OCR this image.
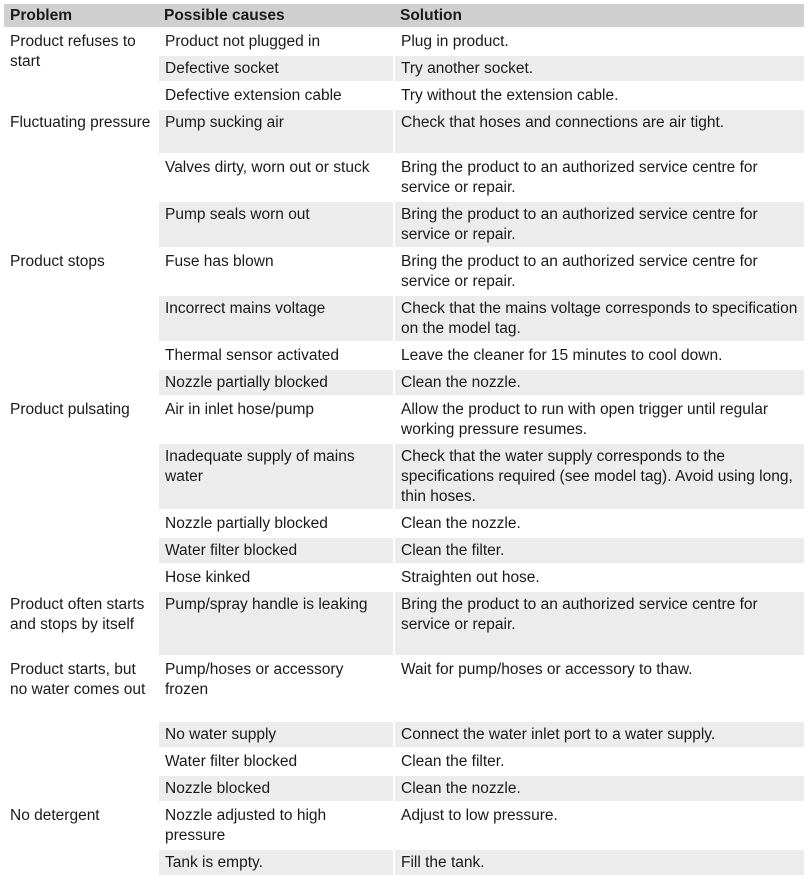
Problem	Possible causes	Solution
Product refuses to start	Product not plugged in	Plug in product.
	Defective socket	Try another socket.
	Defective extension cable	Try without the extension cable.
Fluctuating pressure	Pump sucking air	Check that hoses and connections are air tight.
	Valves dirty, worn out or stuck	Bring the product to an authorized service centre for service or repair.
	Pump seals worn out	Bring the product to an authorized service centre for service or repair.
Product stops	Fuse has blown	Bring the product to an authorized service centre for service or repair.
	Incorrect mains voltage	Check that the mains voltage corresponds to specification on the model tag.
	Thermal sensor activated	Leave the cleaner for 15 minutes to cool down.
	Nozzle partially blocked	Clean the nozzle.
Product pulsating	Air in inlet hose/pump	Allow the product to run with open trigger until regular working pressure resumes.
	Inadequate supply of mains water	Check that the water supply corresponds to the specifications required (see model tag). Avoid using long, thin hoses.
	Nozzle partially blocked	Clean the nozzle.
	Water filter blocked	Clean the filter.
	Hose kinked	Straighten out hose.
Product often starts and stops by itself	Pump/spray handle is leaking	Bring the product to an authorized service centre for service or repair.
Product starts, but no water comes out	Pump/hoses or accessory frozen	Wait for pump/hoses or accessory to thaw.
	No water supply	Connect the water inlet port to a water supply.
	Water filter blocked	Clean the filter.
	Nozzle blocked	Clean the nozzle.
No detergent	Nozzle adjusted to high pressure	Adjust to low pressure.
	Tank is empty.	Fill the tank.
